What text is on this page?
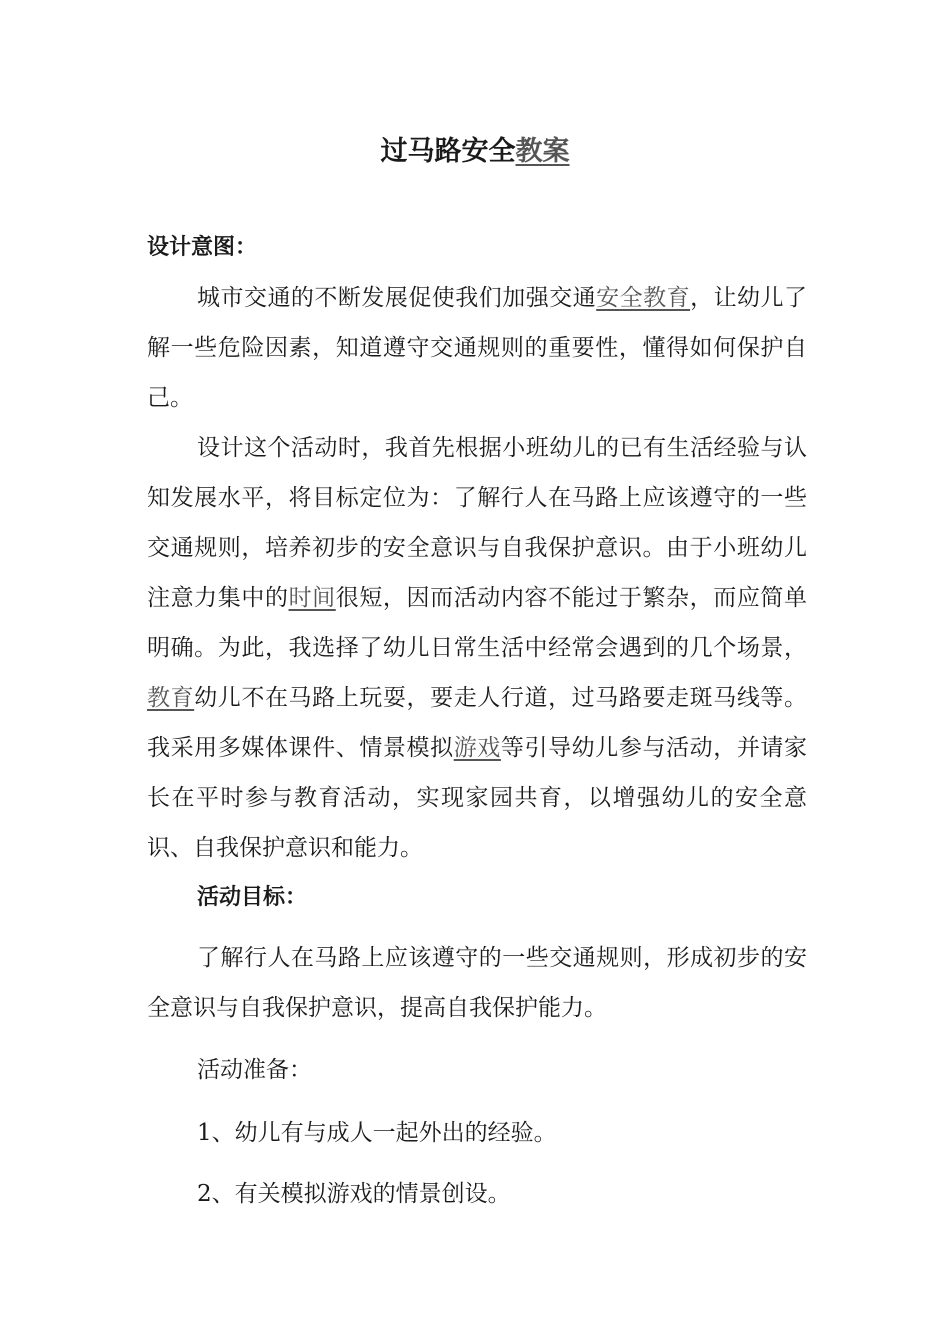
过马路安全教案
设计意图：

城市交通的不断发展促使我们加强交通安全教育，让幼儿了解一些危险因素，知道遵守交通规则的重要性，懂得如何保护自己。

设计这个活动时，我首先根据小班幼儿的已有生活经验与认知发展水平，将目标定位为：了解行人在马路上应该遵守的一些交通规则，培养初步的安全意识与自我保护意识。由于小班幼儿注意力集中的时间很短，因而活动内容不能过于繁杂，而应简单明确。为此，我选择了幼儿日常生活中经常会遇到的几个场景，教育幼儿不在马路上玩耍，要走人行道，过马路要走斑马线等。我采用多媒体课件、情景模拟游戏等引导幼儿参与活动，并请家长在平时参与教育活动，实现家园共育，以增强幼儿的安全意识、自我保护意识和能力。

活动目标：

了解行人在马路上应该遵守的一些交通规则，形成初步的安全意识与自我保护意识，提高自我保护能力。

活动准备：

1、幼儿有与成人一起外出的经验。

2、有关模拟游戏的情景创设。
